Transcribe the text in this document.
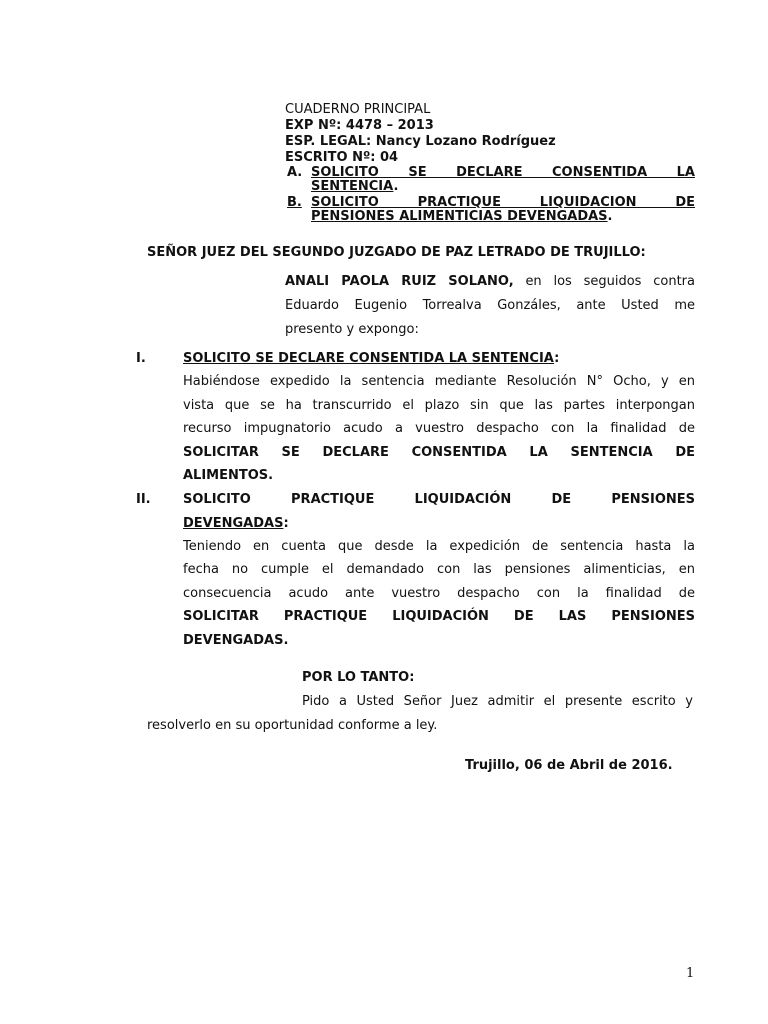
CUADERNO PRINCIPAL
EXP Nº: 4478 – 2013
ESP. LEGAL: Nancy Lozano Rodríguez
ESCRITO Nº: 04
A. SOLICITO SE DECLARE CONSENTIDA LA
SENTENCIA.
B. SOLICITO PRACTIQUE LIQUIDACIÓN DE
PENSIONES ALIMENTICIAS DEVENGADAS.
SEÑOR JUEZ DEL SEGUNDO JUZGADO DE PAZ LETRADO DE TRUJILLO:
ANALI PAOLA RUIZ SOLANO, en los seguidos contra
Eduardo Eugenio Torrealva Gonzáles, ante Usted me
presento y expongo:
I.	SOLICITO SE DECLARE CONSENTIDA LA SENTENCIA:
Habiéndose expedido la sentencia mediante Resolución N° Ocho, y en
vista que se ha transcurrido el plazo sin que las partes interpongan
recurso impugnatorio acudo a vuestro despacho con la finalidad de
SOLICITAR SE DECLARE CONSENTIDA LA SENTENCIA DE
ALIMENTOS.
II. SOLICITO PRACTIQUE LIQUIDACIÓN DE PENSIONES
DEVENGADAS:
Teniendo en cuenta que desde la expedición de sentencia hasta la
fecha no cumple el demandado con las pensiones alimenticias, en
consecuencia acudo ante vuestro despacho con la finalidad de
SOLICITAR PRACTIQUE LIQUIDACIÓN DE LAS PENSIONES
DEVENGADAS.
POR LO TANTO:
Pido a Usted Señor Juez admitir el presente escrito y
resolverlo en su oportunidad conforme a ley.
Trujillo, 06 de Abril de 2016.
1
